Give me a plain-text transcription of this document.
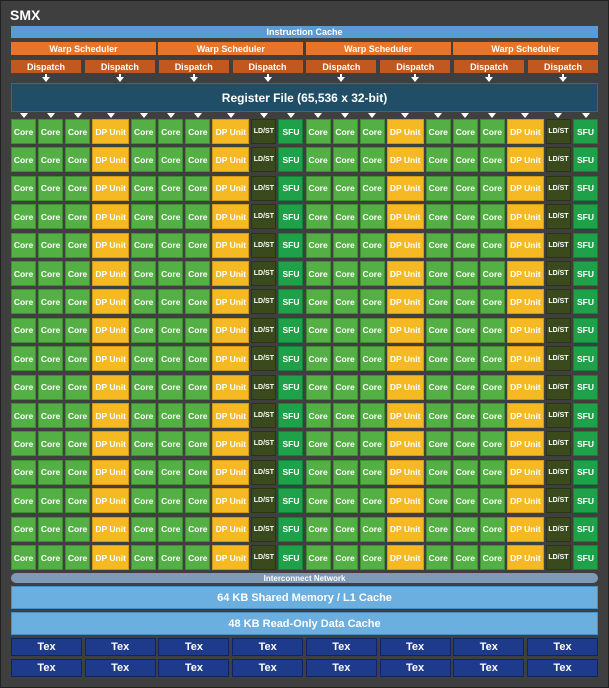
SMX
Instruction Cache
Warp Scheduler	Warp Scheduler	Warp Scheduler	Warp Scheduler
Dispatch	Dispatch	Dispatch	Dispatch	Dispatch	Dispatch	Dispatch	Dispatch
Register File (65,536 x 32-bit)
Core Core Core DP Unit Core Core Core DP Unit	LD/ST SFU	Core Core Core DP Unit Core Core Core DP Unit	LD/ST SFU
Core Core Core DP Unit Core Core Core DP Unit	LD/ST SFU	Core Core Core DP Unit Core Core Core DP Unit	LD/ST SFU
Core Core Core DP Unit Core Core Core DP Unit	LD/ST SFU	Core Core Core DP Unit Core Core Core DP Unit	LD/ST SFU
Core Core Core DP Unit Core Core Core DP Unit	LD/ST SFU	Core Core Core DP Unit Core Core Core DP Unit	LD/ST SFU
Core Core Core DP Unit Core Core Core DP Unit	LD/ST SFU	Core Core Core DP Unit Core Core Core DP Unit	LD/ST SFU
Core Core Core DP Unit Core Core Core DP Unit	LD/ST SFU	Core Core Core DP Unit Core Core Core DP Unit	LD/ST SFU
Core Core Core DP Unit Core Core Core DP Unit	LD/ST SFU	Core Core Core DP Unit Core Core Core DP Unit	LD/ST SFU
Core Core Core DP Unit Core Core Core DP Unit	LD/ST SFU	Core Core Core DP Unit Core Core Core DP Unit	LD/ST SFU
Core Core Core DP Unit Core Core Core DP Unit	LD/ST SFU	Core Core Core DP Unit Core Core Core DP Unit	LD/ST SFU
Core Core Core DP Unit Core Core Core DP Unit	LD/ST SFU	Core Core Core DP Unit Core Core Core DP Unit	LD/ST SFU
Core Core Core DP Unit Core Core Core DP Unit	LD/ST SFU	Core Core Core DP Unit Core Core Core DP Unit	LD/ST SFU
Core Core Core DP Unit Core Core Core DP Unit	LD/ST SFU	Core Core Core DP Unit Core Core Core DP Unit	LD/ST SFU
Core Core Core DP Unit Core Core Core DP Unit	LD/ST SFU	Core Core Core DP Unit Core Core Core DP Unit	LD/ST SFU
Core Core Core DP Unit Core Core Core DP Unit	LD/ST SFU	Core Core Core DP Unit Core Core Core DP Unit	LD/ST SFU
Core Core Core DP Unit Core Core Core DP Unit	LD/ST SFU	Core Core Core DP Unit Core Core Core DP Unit	LD/ST SFU
Core Core Core DP Unit Core Core Core DP Unit	LD/ST SFU	Core Core Core DP Unit Core Core Core DP Unit	LD/ST SFU
Interconnect Network
64 KB Shared Memory / L1 Cache
48 KB Read-Only Data Cache
Tex	Tex	Tex	Tex	Tex	Tex	Tex	Tex
Tex	Tex	Tex	Tex	Tex	Tex	Tex	Tex
